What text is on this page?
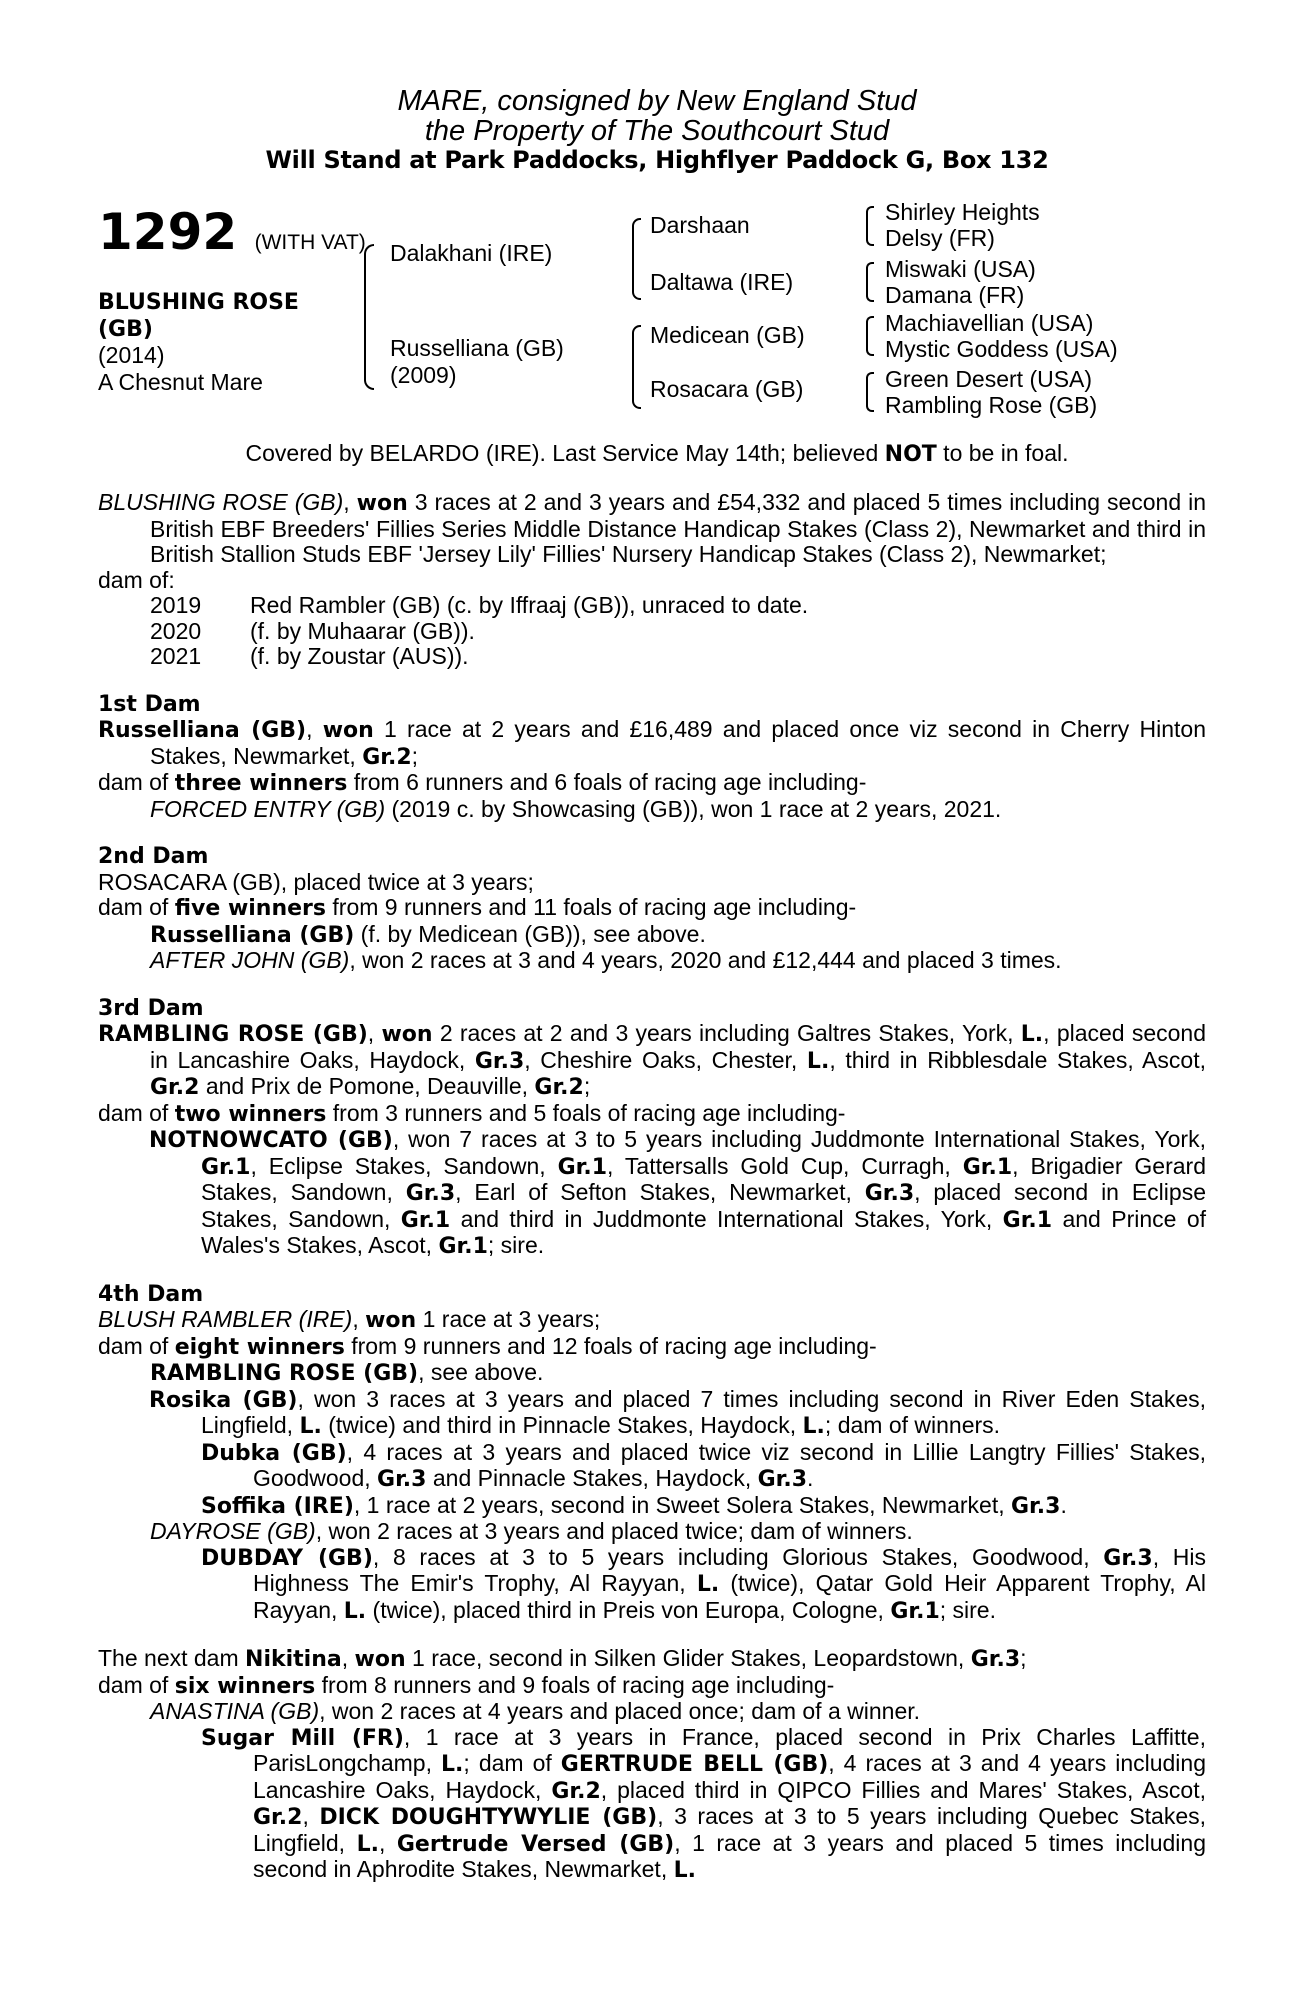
MARE, consigned by New England Stud
the Property of The Southcourt Stud
Will Stand at Park Paddocks, Highflyer Paddock G, Box 132
1292 (WITH VAT)
BLUSHING ROSE
(GB)
(2014)
A Chesnut Mare
Dalakhani (IRE)
Russelliana (GB)
(2009)
Darshaan
Daltawa (IRE)
Medicean (GB)
Rosacara (GB)
Shirley Heights
Delsy (FR)
Miswaki (USA)
Damana (FR)
Machiavellian (USA)
Mystic Goddess (USA)
Green Desert (USA)
Rambling Rose (GB)
Covered by BELARDO (IRE). Last Service May 14th; believed NOT to be in foal.
BLUSHING ROSE (GB), won 3 races at 2 and 3 years and £54,332 and placed 5 times including second in British EBF Breeders' Fillies Series Middle Distance Handicap Stakes (Class 2), Newmarket and third in British Stallion Studs EBF 'Jersey Lily' Fillies' Nursery Handicap Stakes (Class 2), Newmarket;
dam of:
2019 Red Rambler (GB) (c. by Iffraaj (GB)), unraced to date.
2020 (f. by Muhaarar (GB)).
2021 (f. by Zoustar (AUS)).
1st Dam
Russelliana (GB), won 1 race at 2 years and £16,489 and placed once viz second in Cherry Hinton Stakes, Newmarket, Gr.2;
dam of three winners from 6 runners and 6 foals of racing age including-
FORCED ENTRY (GB) (2019 c. by Showcasing (GB)), won 1 race at 2 years, 2021.
2nd Dam
ROSACARA (GB), placed twice at 3 years;
dam of five winners from 9 runners and 11 foals of racing age including-
Russelliana (GB) (f. by Medicean (GB)), see above.
AFTER JOHN (GB), won 2 races at 3 and 4 years, 2020 and £12,444 and placed 3 times.
3rd Dam
RAMBLING ROSE (GB), won 2 races at 2 and 3 years including Galtres Stakes, York, L., placed second in Lancashire Oaks, Haydock, Gr.3, Cheshire Oaks, Chester, L., third in Ribblesdale Stakes, Ascot, Gr.2 and Prix de Pomone, Deauville, Gr.2;
dam of two winners from 3 runners and 5 foals of racing age including-
NOTNOWCATO (GB), won 7 races at 3 to 5 years including Juddmonte International Stakes, York, Gr.1, Eclipse Stakes, Sandown, Gr.1, Tattersalls Gold Cup, Curragh, Gr.1, Brigadier Gerard Stakes, Sandown, Gr.3, Earl of Sefton Stakes, Newmarket, Gr.3, placed second in Eclipse Stakes, Sandown, Gr.1 and third in Juddmonte International Stakes, York, Gr.1 and Prince of Wales's Stakes, Ascot, Gr.1; sire.
4th Dam
BLUSH RAMBLER (IRE), won 1 race at 3 years;
dam of eight winners from 9 runners and 12 foals of racing age including-
RAMBLING ROSE (GB), see above.
Rosika (GB), won 3 races at 3 years and placed 7 times including second in River Eden Stakes, Lingfield, L. (twice) and third in Pinnacle Stakes, Haydock, L.; dam of winners.
Dubka (GB), 4 races at 3 years and placed twice viz second in Lillie Langtry Fillies' Stakes, Goodwood, Gr.3 and Pinnacle Stakes, Haydock, Gr.3.
Soffika (IRE), 1 race at 2 years, second in Sweet Solera Stakes, Newmarket, Gr.3.
DAYROSE (GB), won 2 races at 3 years and placed twice; dam of winners.
DUBDAY (GB), 8 races at 3 to 5 years including Glorious Stakes, Goodwood, Gr.3, His Highness The Emir's Trophy, Al Rayyan, L. (twice), Qatar Gold Heir Apparent Trophy, Al Rayyan, L. (twice), placed third in Preis von Europa, Cologne, Gr.1; sire.
The next dam Nikitina, won 1 race, second in Silken Glider Stakes, Leopardstown, Gr.3;
dam of six winners from 8 runners and 9 foals of racing age including-
ANASTINA (GB), won 2 races at 4 years and placed once; dam of a winner.
Sugar Mill (FR), 1 race at 3 years in France, placed second in Prix Charles Laffitte, ParisLongchamp, L.; dam of GERTRUDE BELL (GB), 4 races at 3 and 4 years including Lancashire Oaks, Haydock, Gr.2, placed third in QIPCO Fillies and Mares' Stakes, Ascot, Gr.2, DICK DOUGHTYWYLIE (GB), 3 races at 3 to 5 years including Quebec Stakes, Lingfield, L., Gertrude Versed (GB), 1 race at 3 years and placed 5 times including second in Aphrodite Stakes, Newmarket, L.
